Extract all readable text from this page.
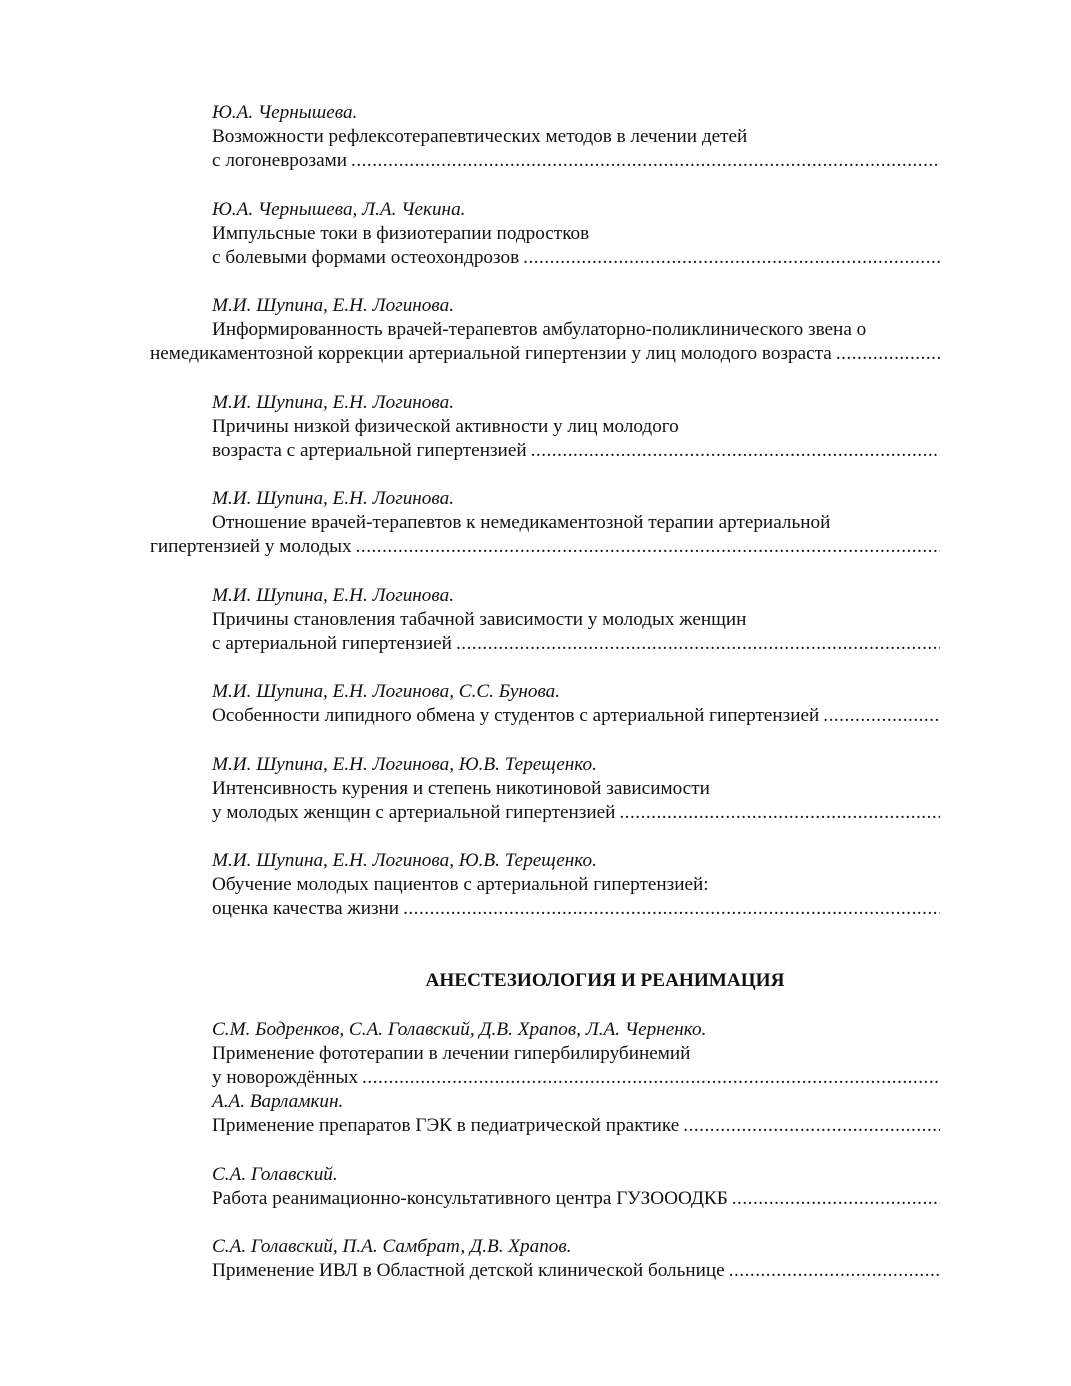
Ю.А. Чернышева.
Возможности рефлексотерапевтических методов в лечении детей
с логоневрозами
.....
Ю.А. Чернышева, Л.А. Чекина.
Импульсные токи в физиотерапии подростков
с болевыми формами остеохондрозов
.....
М.И. Шупина, Е.Н. Логинова.
Информированность врачей-терапевтов амбулаторно-поликлинического звена о
немедикаментозной коррекции артериальной гипертензии у лиц молодого возраста
.....
М.И. Шупина, Е.Н. Логинова.
Причины низкой физической активности у лиц молодого
возраста с артериальной гипертензией
.....
М.И. Шупина, Е.Н. Логинова.
Отношение врачей-терапевтов к немедикаментозной терапии артериальной
гипертензией у молодых
.....
М.И. Шупина, Е.Н. Логинова.
Причины становления табачной зависимости у молодых женщин
с артериальной гипертензией
.....
М.И. Шупина, Е.Н. Логинова, С.С. Бунова.
Особенности липидного обмена у студентов с артериальной гипертензией
.....
М.И. Шупина, Е.Н. Логинова, Ю.В. Терещенко.
Интенсивность курения и степень никотиновой зависимости
у молодых женщин с артериальной гипертензией
.....
М.И. Шупина, Е.Н. Логинова, Ю.В. Терещенко.
Обучение молодых пациентов с артериальной гипертензией:
оценка качества жизни
.....
АНЕСТЕЗИОЛОГИЯ И РЕАНИМАЦИЯ
С.М. Бодренков, С.А. Голавский, Д.В. Храпов, Л.А. Черненко.
Применение фототерапии в лечении гипербилирубинемий
у новорождённых
.....
А.А. Варламкин.
Применение препаратов ГЭК в педиатрической практике
.....
С.А. Голавский.
Работа реанимационно-консультативного центра ГУЗОООДКБ
.....
С.А. Голавский, П.А. Самбрат, Д.В. Храпов.
Применение ИВЛ в Областной детской клинической больнице
.....
